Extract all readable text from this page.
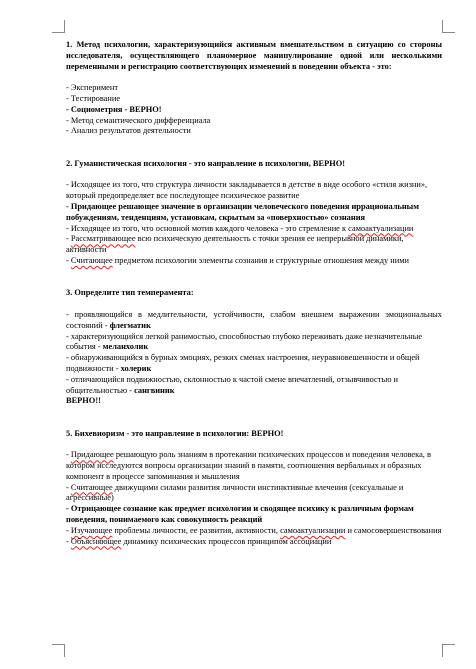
1. Метод психологии, характеризующийся активным вмешательством в ситуацию со стороны исследователя, осуществляющего планомерное манипулирование одной или несколькими переменными и регистрацию соответствующих изменений в поведении объекта - это:

- Эксперимент

- Тестирование

- Социометрия - ВЕРНО!

- Метод семантического дифференциала

- Анализ результатов деятельности

2. Гуманистическая психология - это направление в психологии, ВЕРНО!

- Исходящее из того, что структура личности закладывается в детстве в виде особого «стиля жизни», который предопределяет все последующее психическое развитие

- Придающее решающее значение в организации человеческого поведения иррациональным побуждениям, тенденциям, установкам, скрытым за «поверхностью» сознания

- Исходящее из того, что основной мотив каждого человека - это стремление к самоактуализации

- Рассматривающее всю психическую деятельность с точки зрения ее непрерывной динамики, активности

- Считающее предметом психологии элементы сознания и структурные отношения между ними

3. Определите тип темперамента:

- проявляющийся в медлительности, устойчивости, слабом внешнем выражении эмоциональных состояний - флегматик

- характеризующийся легкой ранимостью, способностью глубоко переживать даже незначительные события - меланхолик

- обнаруживающийся в бурных эмоциях, резких сменах настроения, неуравновешенности и общей подвижности - холерик

- отличающийся подвижностью, склонностью к частой смене впечатлений, отзывчивостью и общительностью - сангвиник

ВЕРНО!!

5. Бихевиоризм - это направление в психологии: ВЕРНО!

- Придающее решающую роль знаниям в протекании психических процессов и поведения человека, в котором исследуются вопросы организации знаний в памяти, соотношения вербальных и образных компонент в процессе запоминания и мышления

- Считающее движущими силами развития личности инстинктивные влечения (сексуальные и агрессивные)

- Отрицающее сознание как предмет психологии и сводящее психику к различным формам поведения, понимаемого как совокупность реакций

- Изучающее проблемы личности, ее развития, активности, самоактуализации и самосовершенствования

- Объясняющее динамику психических процессов принципом ассоциации
